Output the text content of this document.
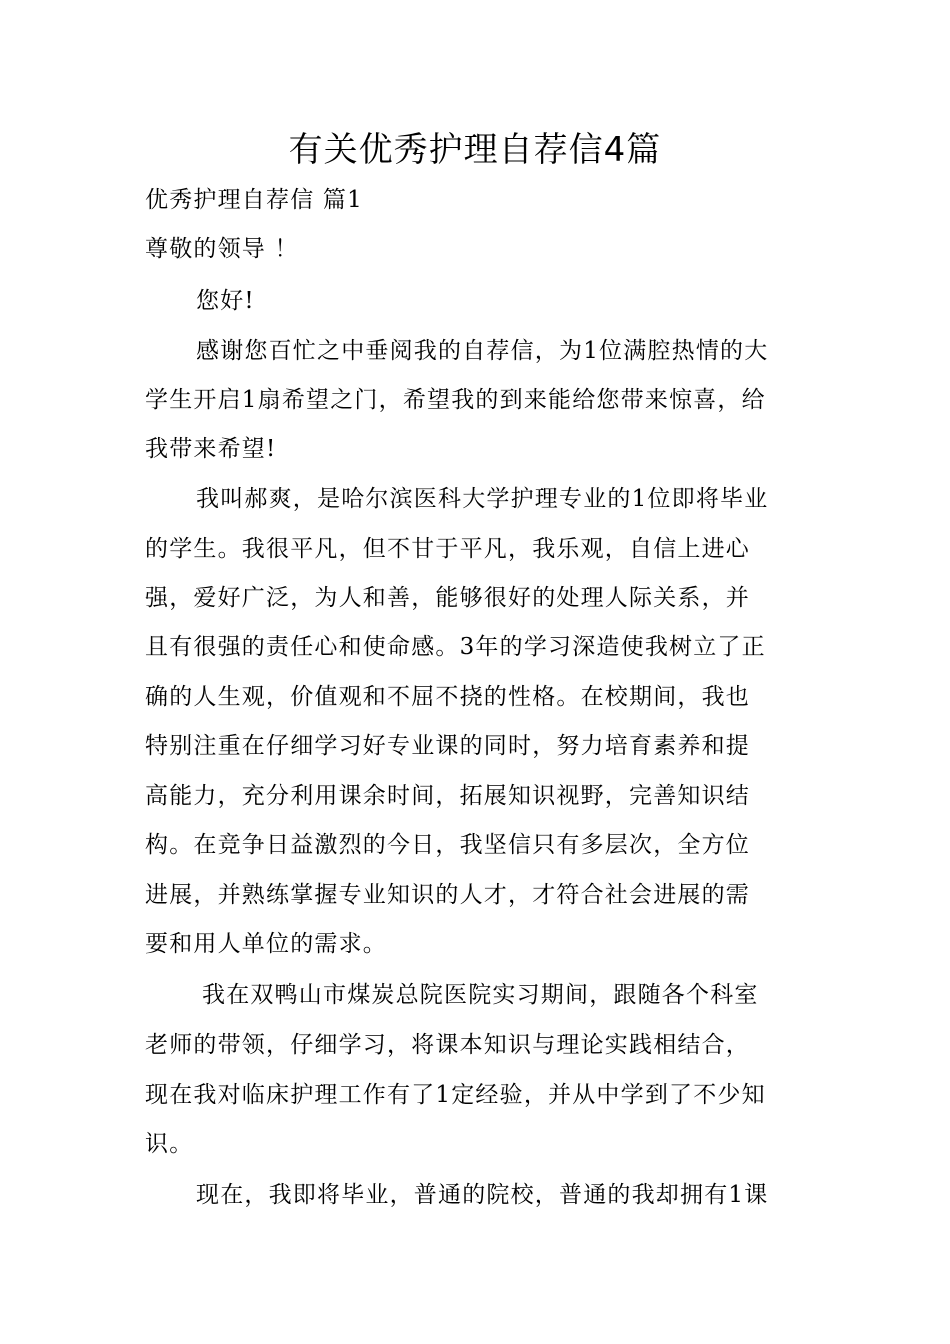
有关优秀护理自荐信4篇
优秀护理自荐信 篇1
尊敬的领导 ！
您好!
感谢您百忙之中垂阅我的自荐信，为1位满腔热情的大
学生开启1扇希望之门，希望我的到来能给您带来惊喜，给
我带来希望!
我叫郝爽，是哈尔滨医科大学护理专业的1位即将毕业
的学生。我很平凡，但不甘于平凡，我乐观，自信上进心
强，爱好广泛，为人和善，能够很好的处理人际关系，并
且有很强的责任心和使命感。3年的学习深造使我树立了正
确的人生观，价值观和不屈不挠的性格。在校期间，我也
特别注重在仔细学习好专业课的同时，努力培育素养和提
高能力，充分利用课余时间，拓展知识视野，完善知识结
构。在竞争日益激烈的今日，我坚信只有多层次，全方位
进展，并熟练掌握专业知识的人才，才符合社会进展的需
要和用人单位的需求。
我在双鸭山市煤炭总院医院实习期间，跟随各个科室
老师的带领，仔细学习，将课本知识与理论实践相结合，
现在我对临床护理工作有了1定经验，并从中学到了不少知
识。
现在，我即将毕业，普通的院校，普通的我却拥有1课
